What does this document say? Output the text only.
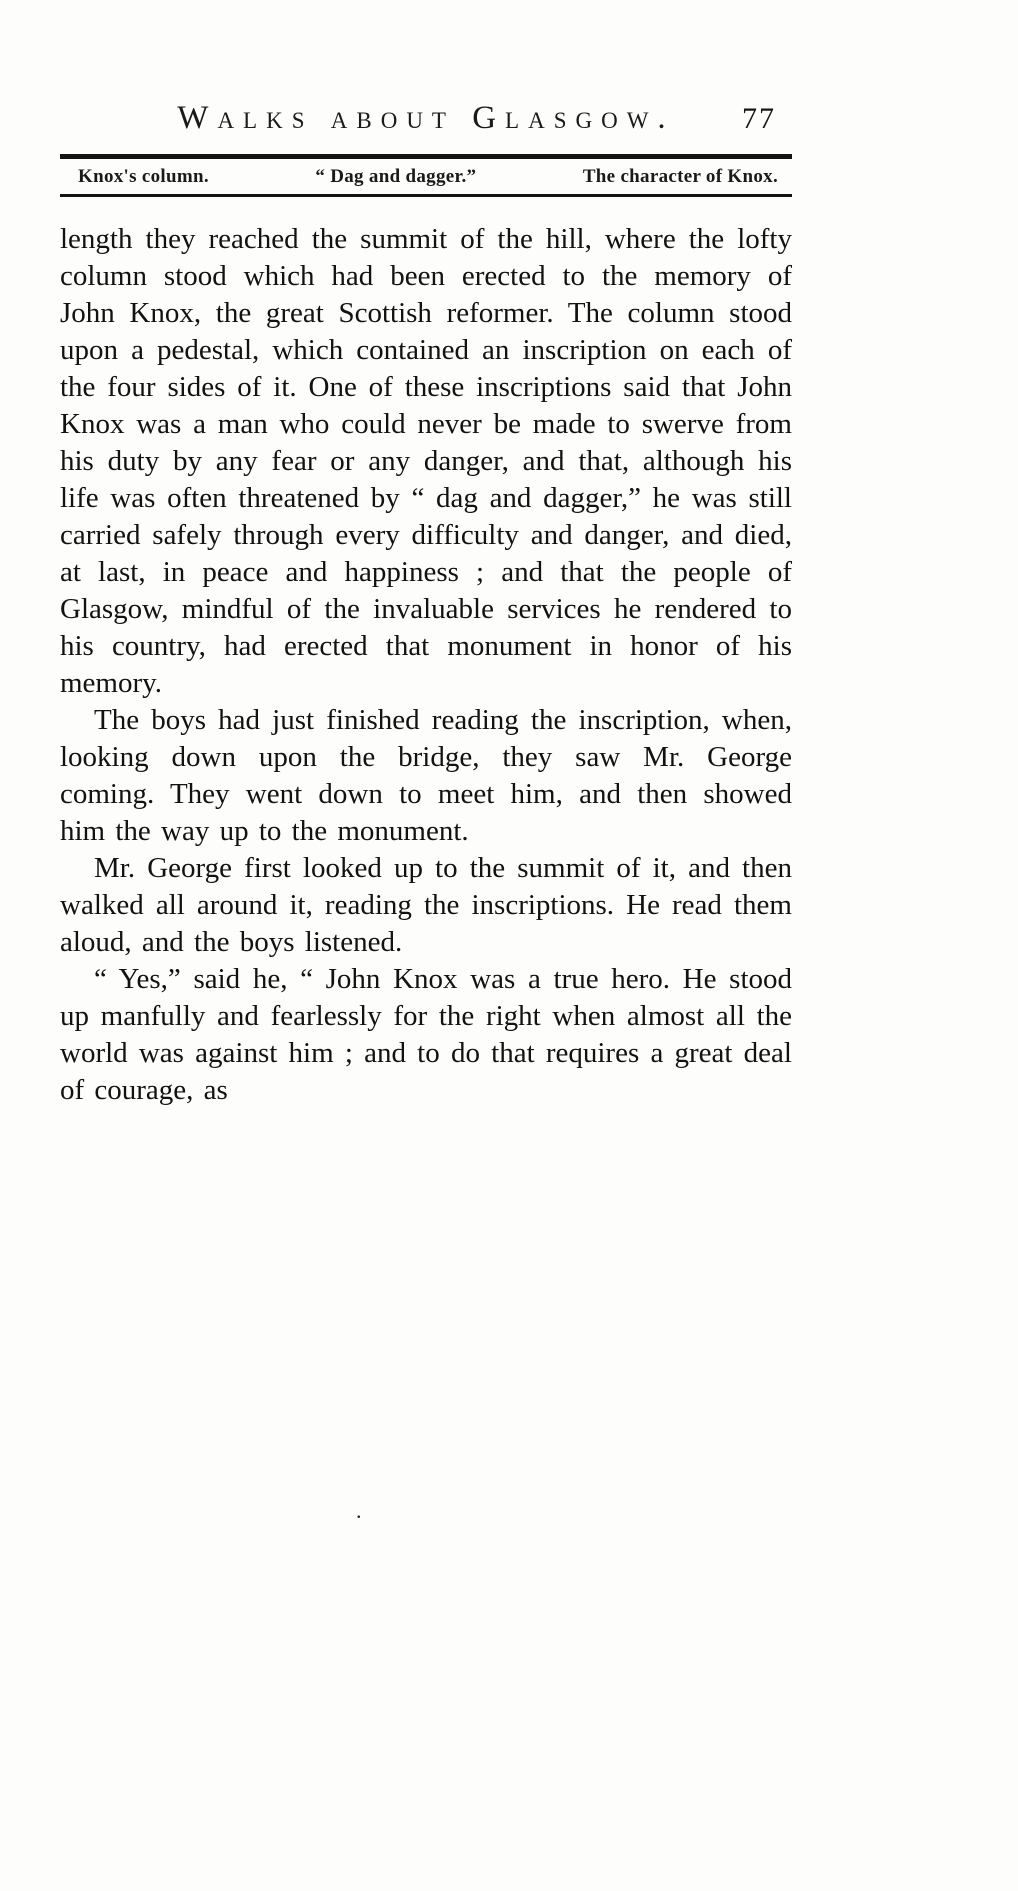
Walks about Glasgow. 77
Knox's column.	“ Dag and dagger.”	The character of Knox.

length they reached the summit of the hill, where the lofty column stood which had been erected to the memory of John Knox, the great Scottish reformer. The column stood upon a pedestal, which contained an inscription on each of the four sides of it. One of these inscriptions said that John Knox was a man who could never be made to swerve from his duty by any fear or any danger, and that, although his life was often threatened by “ dag and dagger,” he was still carried safely through every difficulty and danger, and died, at last, in peace and happiness ; and that the people of Glasgow, mindful of the invaluable services he rendered to his country, had erected that monument in honor of his memory.

The boys had just finished reading the inscription, when, looking down upon the bridge, they saw Mr. George coming. They went down to meet him, and then showed him the way up to the monument.

Mr. George first looked up to the summit of it, and then walked all around it, reading the inscriptions. He read them aloud, and the boys listened.

“ Yes,” said he, “ John Knox was a true hero. He stood up manfully and fearlessly for the right when almost all the world was against him ; and to do that requires a great deal of courage, as

.
